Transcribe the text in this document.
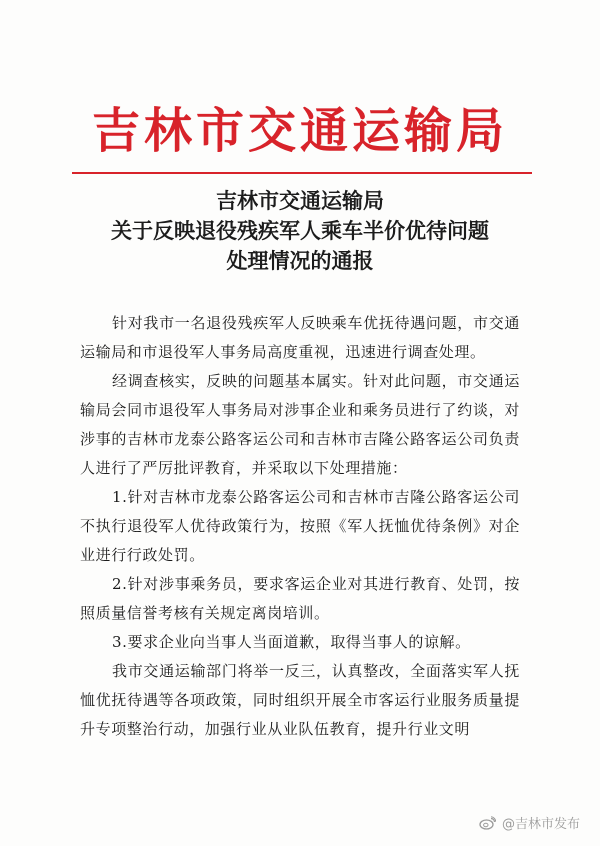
吉林市交通运输局
吉林市交通运输局
关于反映退役残疾军人乘车半价优待问题
处理情况的通报

针对我市一名退役残疾军人反映乘车优抚待遇问题，市交通运输局和市退役军人事务局高度重视，迅速进行调查处理。

经调查核实，反映的问题基本属实。针对此问题，市交通运输局会同市退役军人事务局对涉事企业和乘务员进行了约谈，对涉事的吉林市龙泰公路客运公司和吉林市吉隆公路客运公司负责人进行了严厉批评教育，并采取以下处理措施：

1.针对吉林市龙泰公路客运公司和吉林市吉隆公路客运公司不执行退役军人优待政策行为，按照《军人抚恤优待条例》对企业进行行政处罚。

2.针对涉事乘务员，要求客运企业对其进行教育、处罚，按照质量信誉考核有关规定离岗培训。

3.要求企业向当事人当面道歉，取得当事人的谅解。

我市交通运输部门将举一反三，认真整改，全面落实军人抚恤优抚待遇等各项政策，同时组织开展全市客运行业服务质量提升专项整治行动，加强行业从业队伍教育，提升行业文明

@吉林市发布
